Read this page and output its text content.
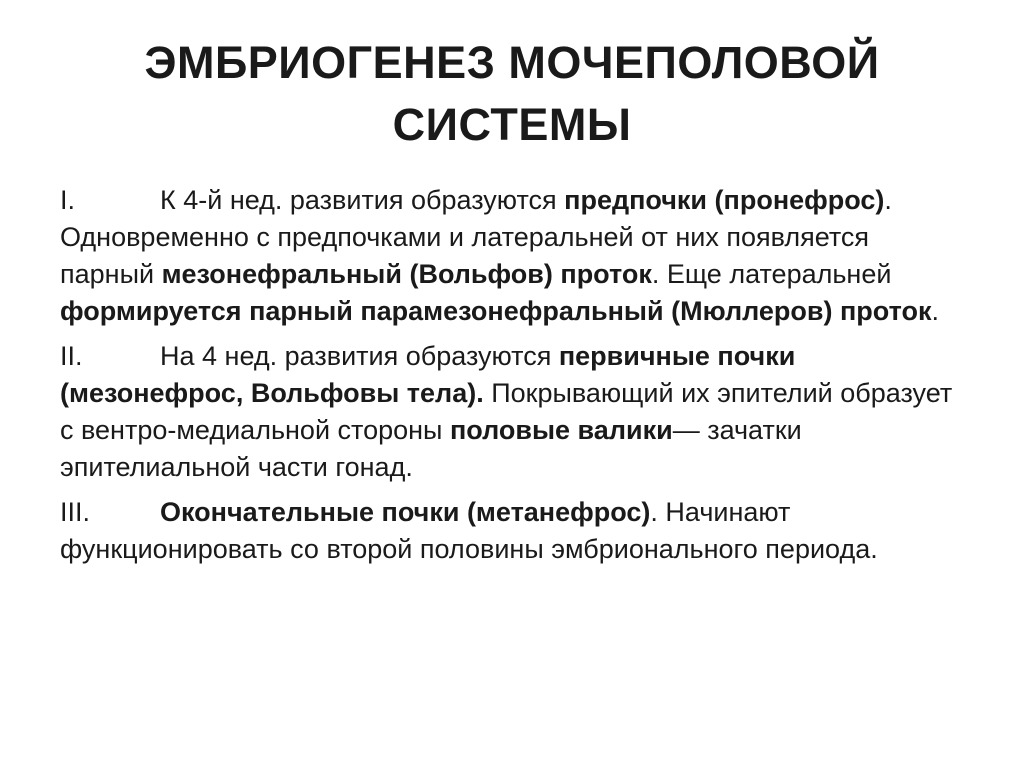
ЭМБРИОГЕНЕЗ МОЧЕПОЛОВОЙ
СИСТЕМЫ

I.	К 4-й нед. развития образуются предпочки (пронефрос). Одновременно с предпочками и латеральней от них появляется парный мезонефральный (Вольфов) проток. Еще латеральней формируется парный парамезонефральный (Мюллеров) проток.

II.	На 4 нед. развития образуются первичные почки (мезонефрос, Вольфовы тела). Покрывающий их эпителий образует с вентро-медиальной стороны половые валики— зачатки эпителиальной части гонад.

III.	Окончательные почки (метанефрос). Начинают функционировать со второй половины эмбрионального периода.
